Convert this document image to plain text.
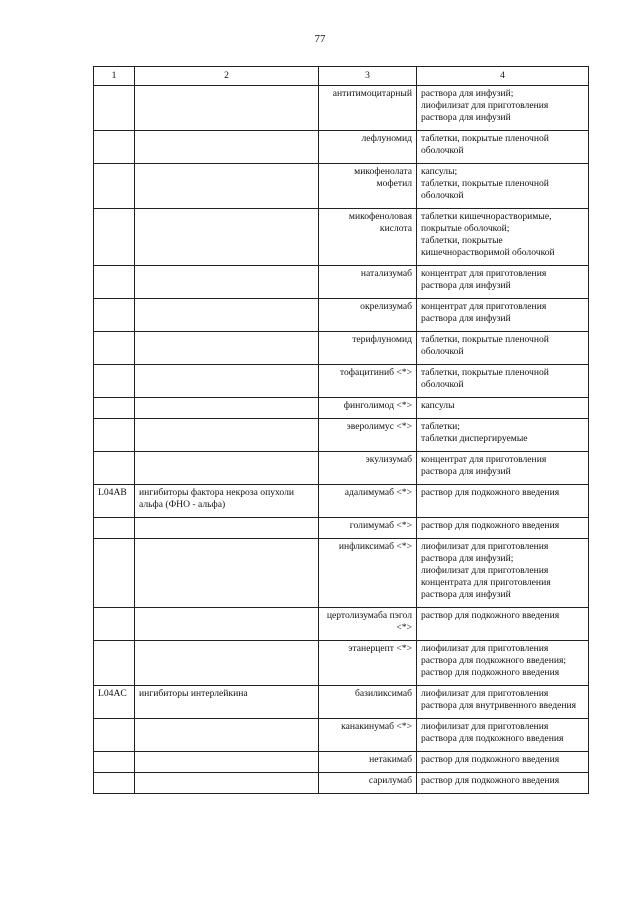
77
1	2	3	4
		антитимоцитарный	раствора для инфузий;
лиофилизат для приготовления раствора для инфузий
		лефлуномид	таблетки, покрытые пленочной оболочкой
		микофенолата мофетил	капсулы;
таблетки, покрытые пленочной оболочкой
		микофеноловая кислота	таблетки кишечнорастворимые, покрытые оболочкой;
таблетки, покрытые кишечнорастворимой оболочкой
		натализумаб	концентрат для приготовления раствора для инфузий
		окрелизумаб	концентрат для приготовления раствора для инфузий
		терифлуномид	таблетки, покрытые пленочной оболочкой
		тофацитиниб <*>	таблетки, покрытые пленочной оболочкой
		финголимод <*>	капсулы
		эверолимус <*>	таблетки;
таблетки диспергируемые
		экулизумаб	концентрат для приготовления раствора для инфузий
L04AB	ингибиторы фактора некроза опухоли альфа (ФНО - альфа)	адалимумаб <*>	раствор для подкожного введения
		голимумаб <*>	раствор для подкожного введения
		инфликсимаб <*>	лиофилизат для приготовления раствора для инфузий;
лиофилизат для приготовления концентрата для приготовления раствора для инфузий
		цертолизумаба пэгол <*>	раствор для подкожного введения
		этанерцепт <*>	лиофилизат для приготовления раствора для подкожного введения;
раствор для подкожного введения
L04AC	ингибиторы интерлейкина	базиликсимаб	лиофилизат для приготовления раствора для внутривенного введения
		канакинумаб <*>	лиофилизат для приготовления раствора для подкожного введения
		нетакимаб	раствор для подкожного введения
		сарилумаб	раствор для подкожного введения
